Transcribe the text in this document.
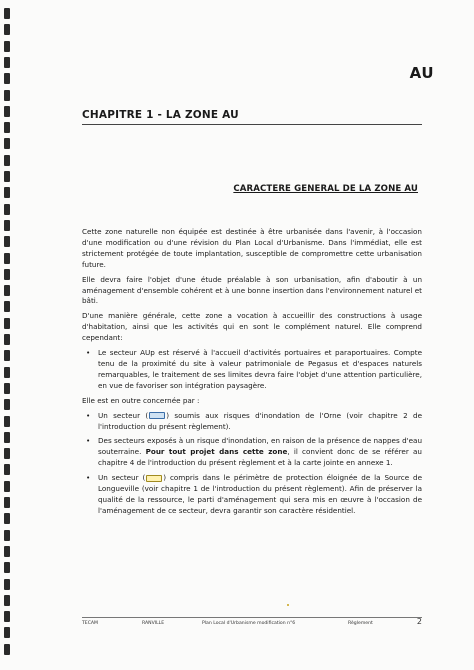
AU
CHAPITRE 1 - LA ZONE AU
CARACTERE GENERAL DE LA ZONE AU

Cette zone naturelle non équipée est destinée à être urbanisée dans l'avenir, à l'occasion d'une modification ou d'une révision du Plan Local d'Urbanisme. Dans l'immédiat, elle est strictement protégée de toute implantation, susceptible de compromettre cette urbanisation future.

Elle devra faire l'objet d'une étude préalable à son urbanisation, afin d'aboutir à un aménagement d'ensemble cohérent et à une bonne insertion dans l'environnement naturel et bâti.

D'une manière générale, cette zone a vocation à accueillir des constructions à usage d'habitation, ainsi que les activités qui en sont le complément naturel. Elle comprend cependant:

• Le secteur AUp est réservé à l'accueil d'activités portuaires et paraportuaires. Compte tenu de la proximité du site à valeur patrimoniale de Pegasus et d'espaces naturels remarquables, le traitement de ses limites devra faire l'objet d'une attention particulière, en vue de favoriser son intégration paysagère.

Elle est en outre concernée par :

• Un secteur (	) soumis aux risques d'inondation de l'Orne (voir chapitre 2 de l'introduction du présent règlement).
• Des secteurs exposés à un risque d'inondation, en raison de la présence de nappes d'eau souterraine. Pour tout projet dans cette zone, il convient donc de se référer au chapitre 4 de l'introduction du présent règlement et à la carte jointe en annexe 1.
• Un secteur (	) compris dans le périmètre de protection éloignée de la Source de Longueville (voir chapitre 1 de l'introduction du présent règlement). Afin de préserver la qualité de la ressource, le parti d'aménagement qui sera mis en œuvre à l'occasion de l'aménagement de ce secteur, devra garantir son caractère résidentiel.
TECAM	RANVILLE	Plan Local d'Urbanisme modification n°6	Règlement	2
